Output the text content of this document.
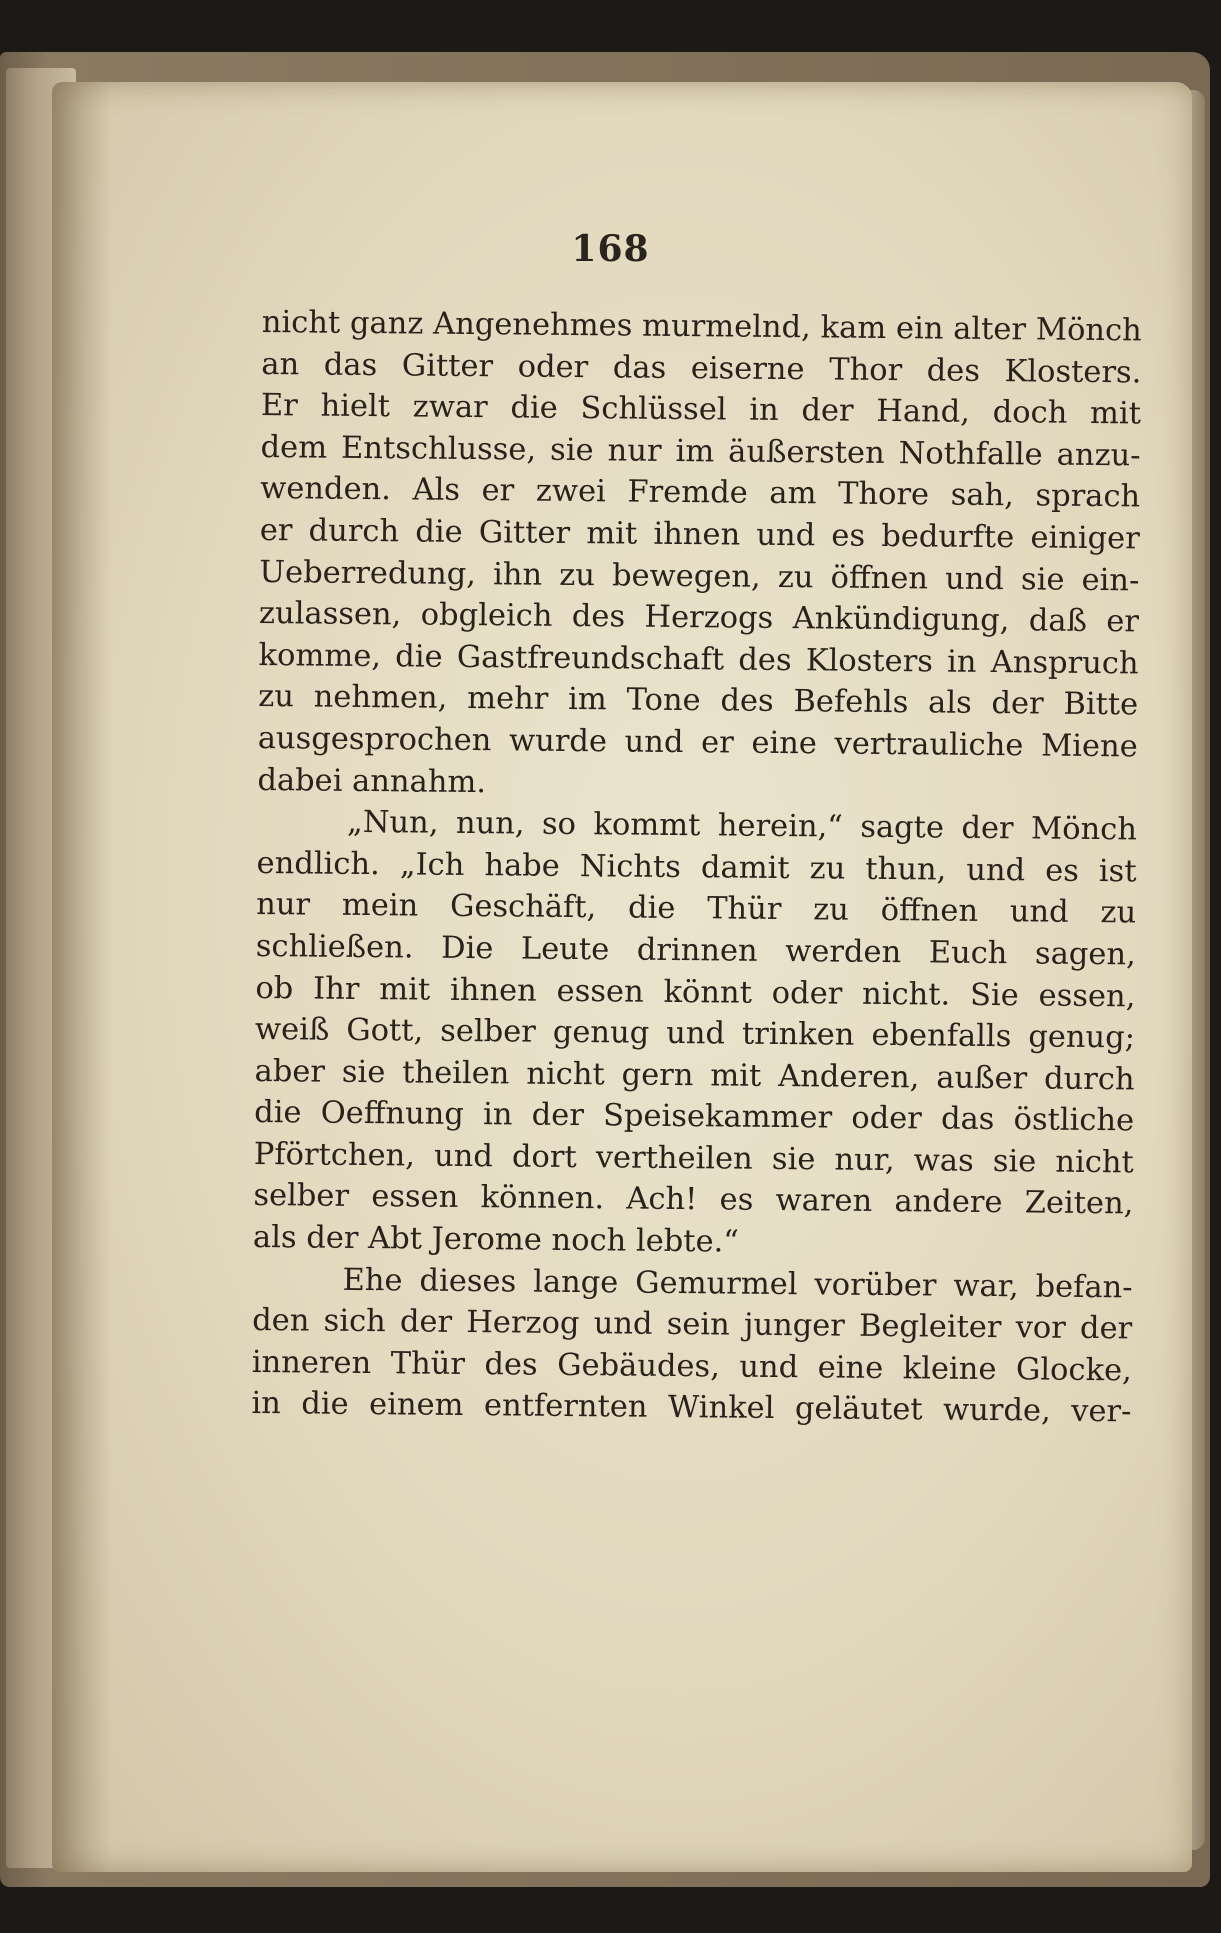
168
nicht ganz Angenehmes murmelnd, kam ein alter Mönch
an das Gitter oder das eiserne Thor des Klosters.
Er hielt zwar die Schlüssel in der Hand, doch mit
dem Entschlusse, sie nur im äußersten Nothfalle anzu-
wenden. Als er zwei Fremde am Thore sah, sprach
er durch die Gitter mit ihnen und es bedurfte einiger
Ueberredung, ihn zu bewegen, zu öffnen und sie ein-
zulassen, obgleich des Herzogs Ankündigung, daß er
komme, die Gastfreundschaft des Klosters in Anspruch
zu nehmen, mehr im Tone des Befehls als der Bitte
ausgesprochen wurde und er eine vertrauliche Miene
dabei annahm.
„Nun, nun, so kommt herein,“ sagte der Mönch
endlich. „Ich habe Nichts damit zu thun, und es ist
nur mein Geschäft, die Thür zu öffnen und zu
schließen. Die Leute drinnen werden Euch sagen,
ob Ihr mit ihnen essen könnt oder nicht. Sie essen,
weiß Gott, selber genug und trinken ebenfalls genug;
aber sie theilen nicht gern mit Anderen, außer durch
die Oeffnung in der Speisekammer oder das östliche
Pförtchen, und dort vertheilen sie nur, was sie nicht
selber essen können. Ach! es waren andere Zeiten,
als der Abt Jerome noch lebte.“
Ehe dieses lange Gemurmel vorüber war, befan-
den sich der Herzog und sein junger Begleiter vor der
inneren Thür des Gebäudes, und eine kleine Glocke,
in die einem entfernten Winkel geläutet wurde, ver-
